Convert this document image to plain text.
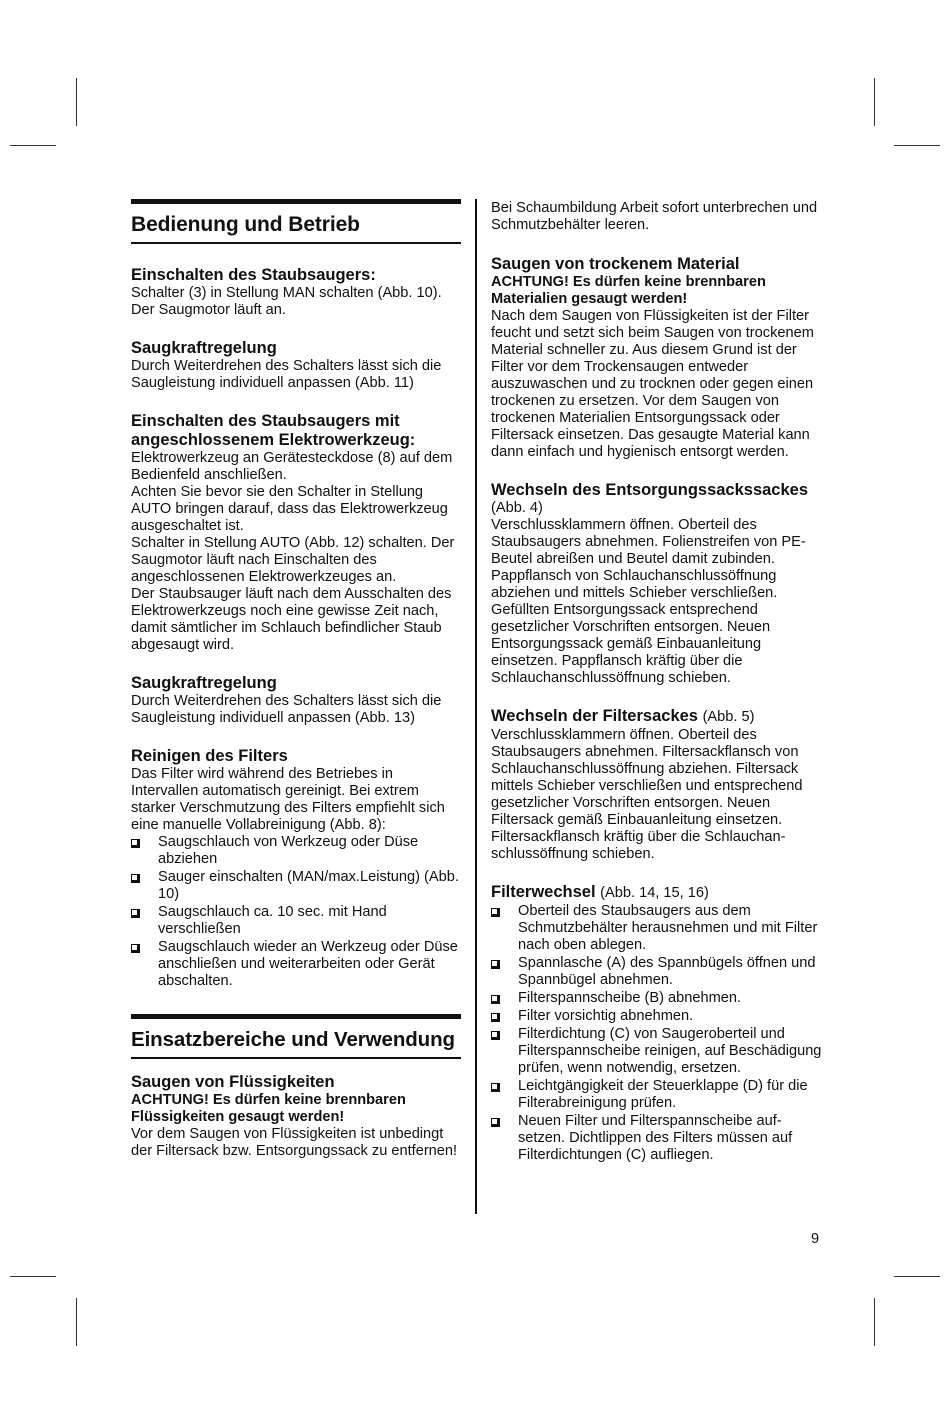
Bedienung und Betrieb
Einschalten des Staubsaugers:

Schalter (3) in Stellung MAN schalten (Abb. 10). Der Saugmotor läuft an.

Saugkraftregelung

Durch Weiterdrehen des Schalters lässt sich die Saugleistung individuell anpassen (Abb. 11)

Einschalten des Staubsaugers mit angeschlossenem Elektrowerkzeug:

Elektrowerkzeug an Gerätesteckdose (8) auf dem Bedienfeld anschließen.

Achten Sie bevor sie den Schalter in Stellung AUTO bringen darauf, dass das Elektrowerkzeug ausgeschaltet ist.

Schalter in Stellung AUTO (Abb. 12) schalten. Der Saugmotor läuft nach Einschalten des angeschlossenen Elektrowerkzeuges an.

Der Staubsauger läuft nach dem Ausschalten des Elektrowerkzeugs noch eine gewisse Zeit nach, damit sämtlicher im Schlauch befindlicher Staub abgesaugt wird.

Saugkraftregelung

Durch Weiterdrehen des Schalters lässt sich die Saugleistung individuell anpassen (Abb. 13)

Reinigen des Filters

Das Filter wird während des Betriebes in Intervallen automatisch gereinigt. Bei extrem starker Verschmutzung des Filters empfiehlt sich eine manuelle Vollabreinigung (Abb. 8):

Saugschlauch von Werkzeug oder Düse abziehen
Sauger einschalten (MAN/max.Leistung) (Abb. 10)
Saugschlauch ca. 10 sec. mit Hand verschließen
Saugschlauch wieder an Werkzeug oder Düse anschließen und weiterarbeiten oder Gerät abschalten.
Einsatzbereiche und Verwendung
Saugen von Flüssigkeiten

ACHTUNG! Es dürfen keine brennbaren Flüssigkeiten gesaugt werden!

Vor dem Saugen von Flüssigkeiten ist unbedingt der Filtersack bzw. Entsorgungssack zu entfernen!

Bei Schaumbildung Arbeit sofort unterbrechen und Schmutzbehälter leeren.

Saugen von trockenem Material

ACHTUNG! Es dürfen keine brennbaren Materialien gesaugt werden!

Nach dem Saugen von Flüssigkeiten ist der Filter feucht und setzt sich beim Saugen von trockenem Material schneller zu. Aus diesem Grund ist der Filter vor dem Trockensaugen entweder auszuwaschen und zu trocknen oder gegen einen trockenen zu ersetzen. Vor dem Saugen von trockenen Materialien Entsorgungssack oder Filtersack einsetzen. Das gesaugte Material kann dann einfach und hygienisch entsorgt werden.

Wechseln des Entsorgungssackssackes

(Abb. 4)

Verschlussklammern öffnen. Oberteil des Staubsaugers abnehmen. Folienstreifen von PE-Beutel abreißen und Beutel damit zubinden. Pappflansch von Schlauchanschlussöffnung abziehen und mittels Schieber verschließen. Gefüllten Entsorgungssack entsprechend gesetzlicher Vorschriften entsorgen. Neuen Entsorgungssack gemäß Einbauanleitung einsetzen. Pappflansch kräftig über die Schlauchanschlussöffnung schieben.

Wechseln der Filtersackes (Abb. 5)

Verschlussklammern öffnen. Oberteil des Staubsaugers abnehmen. Filtersackflansch von Schlauchanschlussöffnung abziehen. Filtersack mittels Schieber verschließen und entsprechend gesetzlicher Vorschriften entsorgen. Neuen Filtersack gemäß Einbauanleitung einsetzen. Filtersackflansch kräftig über die Schlauchanschlussöffnung schieben.

Filterwechsel (Abb. 14, 15, 16)
Oberteil des Staubsaugers aus dem Schmutzbehälter herausnehmen und mit Filter nach oben ablegen.
Spannlasche (A) des Spannbügels öffnen und Spannbügel abnehmen.
Filterspannscheibe (B) abnehmen.
Filter vorsichtig abnehmen.
Filterdichtung (C) von Saugeroberteil und Filterspannscheibe reinigen, auf Beschädigung prüfen, wenn notwendig, ersetzen.
Leichtgängigkeit der Steuerklappe (D) für die Filterabreinigung prüfen.
Neuen Filter und Filterspannscheibe aufsetzen. Dichtlippen des Filters müssen auf Filterdichtungen (C) aufliegen.
9
